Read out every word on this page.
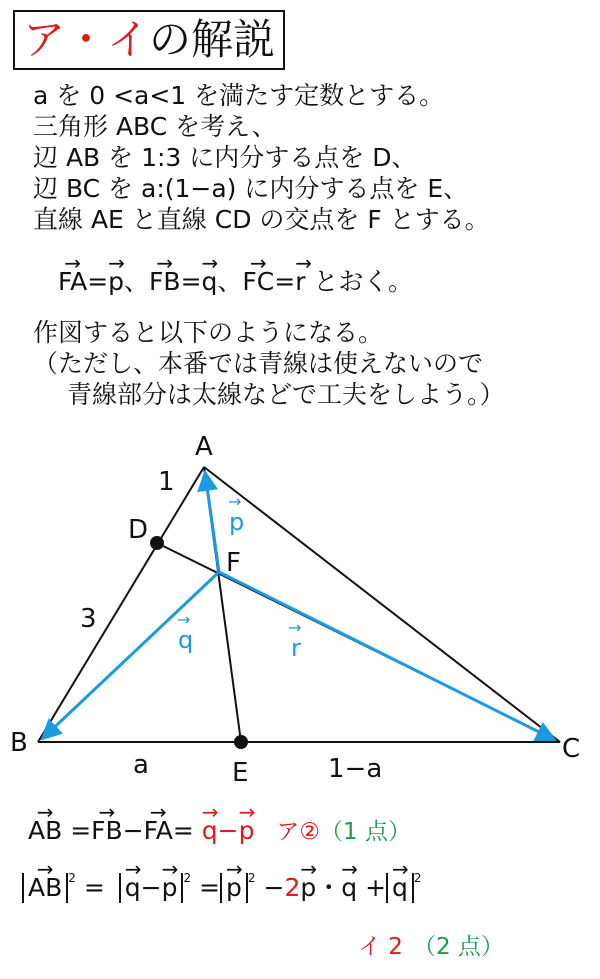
ア・イ の解説
a を 0 <a<1 を満たす定数とする。
三角形 ABC を考え、
辺 AB を 1:3 に内分する点を D、
辺 BC を a:(1−a) に内分する点を E、
直線 AE と直線 CD の交点を F とする。
→ FA=→ p、→ FB=→ q、→ FC=→ r とおく。
作図すると以下のようになる。
（ただし、本番では青線は使えないので
青線部分は太線などで工夫をしよう。）
A
B	C
D
E
F
1
3
a	1−a
→
p
→
q	→
r
→ AB =→ FB−→ FA= → q−→ p ア②（1 点）
→ AB $^2$ = → q−→ p $^2$ = → p $^2$ −2→ p・→ q + → q $^2$
イ 2 （2 点）
